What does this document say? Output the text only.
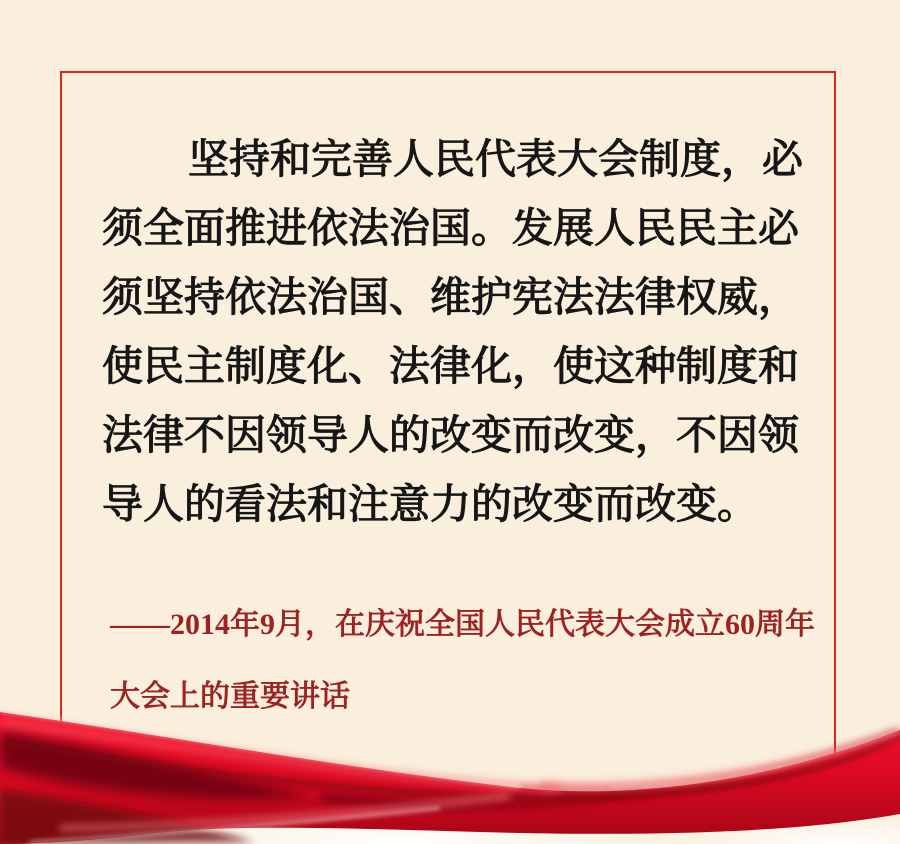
坚持和完善人民代表大会制度，必
须全面推进依法治国。发展人民民主必
须坚持依法治国、维护宪法法律权威，
使民主制度化、法律化，使这种制度和
法律不因领导人的改变而改变，不因领
导人的看法和注意力的改变而改变。
——2014年9月，在庆祝全国人民代表大会成立60周年
大会上的重要讲话
